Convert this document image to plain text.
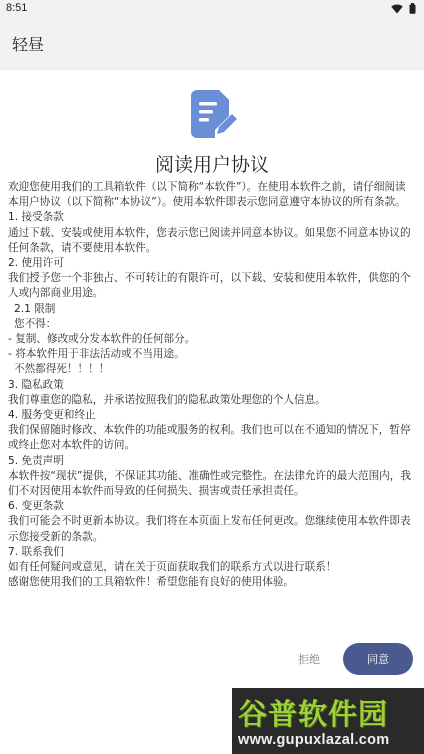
8:51
轻昼
阅读用户协议

欢迎您使用我们的工具箱软件（以下简称“本软件”）。在使用本软件之前，请仔细阅读本用户协议（以下简称“本协议”）。使用本软件即表示您同意遵守本协议的所有条款。

1. 接受条款

通过下载、安装或使用本软件，您表示您已阅读并同意本协议。如果您不同意本协议的任何条款，请不要使用本软件。

2. 使用许可

我们授予您一个非独占、不可转让的有限许可，以下载、安装和使用本软件，供您的个人或内部商业用途。

2.1 限制

您不得：

- 复制、修改或分发本软件的任何部分。

- 将本软件用于非法活动或不当用途。

不然都得死！！！！

3. 隐私政策

我们尊重您的隐私，并承诺按照我们的隐私政策处理您的个人信息。

4. 服务变更和终止

我们保留随时修改、本软件的功能或服务的权利。我们也可以在不通知的情况下，暂停或终止您对本软件的访问。

5. 免责声明

本软件按“现状”提供，不保证其功能、准确性或完整性。在法律允许的最大范围内，我们不对因使用本软件而导致的任何损失、损害或责任承担责任。

6. 变更条款

我们可能会不时更新本协议。我们将在本页面上发布任何更改。您继续使用本软件即表示您接受新的条款。

7. 联系我们

如有任何疑问或意见，请在关于页面获取我们的联系方式以进行联系！

感谢您使用我们的工具箱软件！希望您能有良好的使用体验。

拒绝	同意
谷普软件园
www.gupuxlazal.com
